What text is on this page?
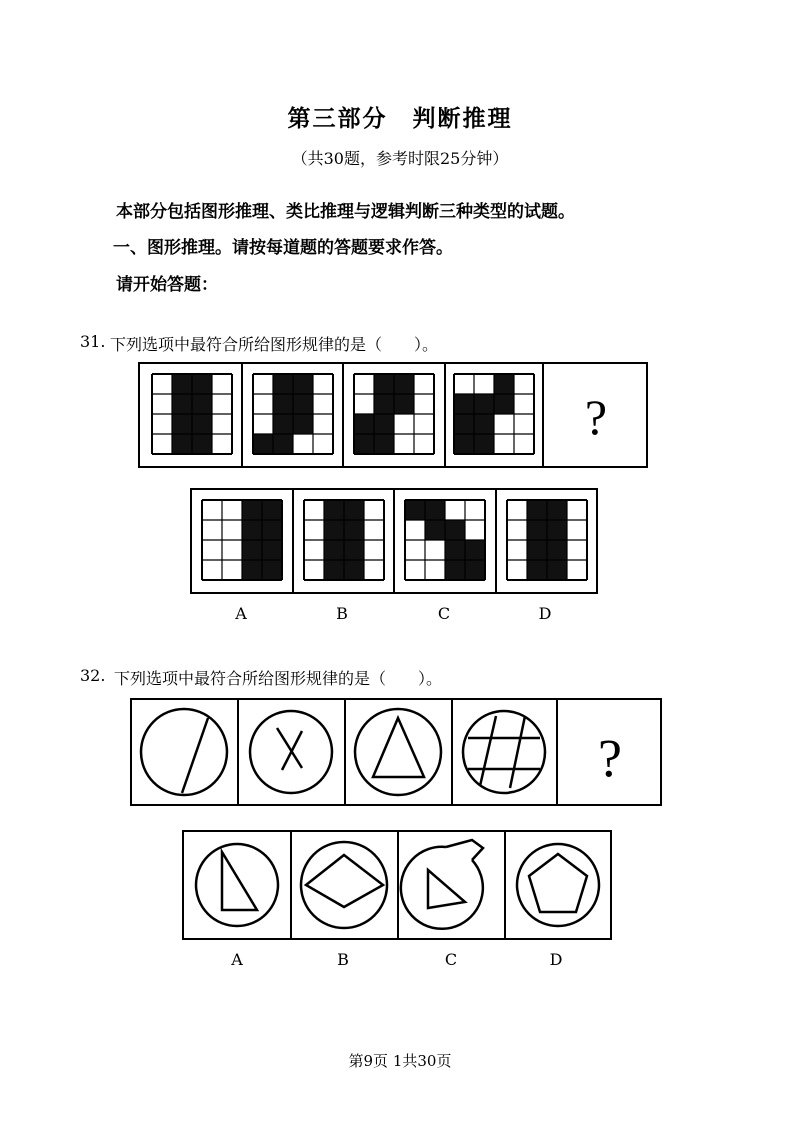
第三部分　判断推理
（共30题，参考时限25分钟）
本部分包括图形推理、类比推理与逻辑判断三种类型的试题。
一、图形推理。请按每道题的答题要求作答。
请开始答题：
31. 下列选项中最符合所给图形规律的是（　　）。
?
A	B	C	D
32. 下列选项中最符合所给图形规律的是（　　）。
?
A	B	C	D
第9页 1共30页
